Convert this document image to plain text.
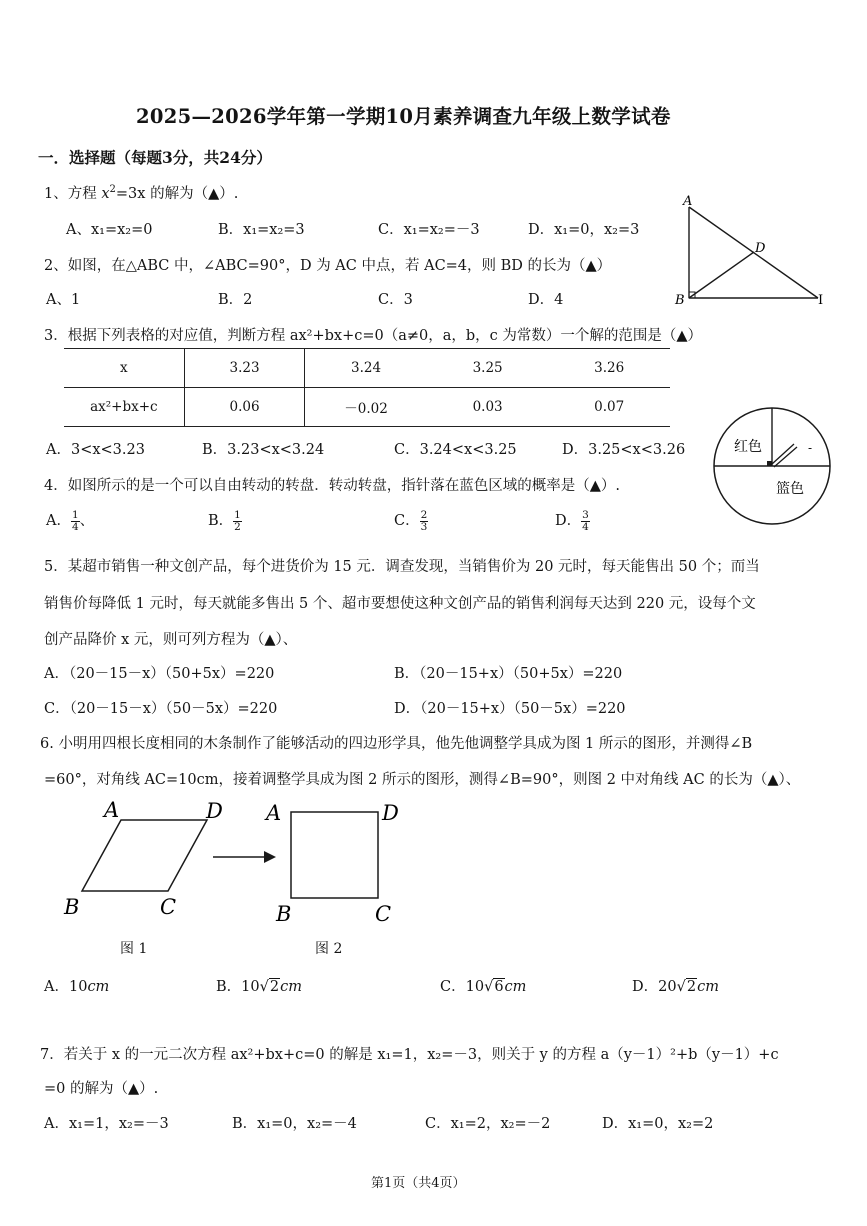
2025—2026学年第一学期10月素养调查九年级上数学试卷
一．选择题（每题3分，共24分）
1、方程 $x^2=3x$ 的解为（▲）.
A、x₁=x₂=0	B．x₁=x₂=3	C．x₁=x₂=－3	D．x₁=0，x₂=3
A
D
B	I
2、如图，在△ABC 中，∠ABC=90°，D 为 AC 中点，若 AC=4，则 BD 的长为（▲）
A、1	B．2	C．3	D．4
3．根据下列表格的对应值，判断方程 ax²+bx+c=0（a≠0，a，b，c 为常数）一个解的范围是（▲）
x	3.23	3.24	3.25	3.26
ax²+bx+c	0.06	－0.02	0.03	0.07
A．3<x<3.23	B．3.23<x<3.24	C．3.24<x<3.25	D．3.25<x<3.26	红色
篮色
-
4．如图所示的是一个可以自由转动的转盘．转动转盘，指针落在蓝色区域的概率是（▲）.
A． $\frac{1}{4}$ 、	B． $\frac{1}{2}$	C． $\frac{2}{3}$	D． $\frac{3}{4}$
5．某超市销售一种文创产品，每个进货价为 15 元．调查发现，当销售价为 20 元时，每天能售出 50 个；而当
销售价每降低 1 元时，每天就能多售出 5 个、超市要想使这种文创产品的销售利润每天达到 220 元，设每个文
创产品降价 x 元，则可列方程为（▲）、
A．（20－15－x）（50+5x）=220	B．（20－15+x）（50+5x）=220
C．（20－15－x）（50－5x）=220	D．（20－15+x）（50－5x）=220
6. 小明用四根长度相同的木条制作了能够活动的四边形学具，他先他调整学具成为图 1 所示的图形，并测得∠B
=60°，对角线 AC=10cm，接着调整学具成为图 2 所示的图形，测得∠B=90°，则图 2 中对角线 AC 的长为（▲）、
A	D
B	C
A	D
B	C
图 1	图 2
A．10cm	B．10√2cm	C．10√6cm	D．20√2cm
7．若关于 x 的一元二次方程 ax²+bx+c=0 的解是 x₁=1，x₂=－3，则关于 y 的方程 a（y－1）²+b（y－1）+c
=0 的解为（▲）.
A．x₁=1，x₂=－3	B．x₁=0，x₂=－4	C．x₁=2，x₂=－2	D．x₁=0，x₂=2
第1页（共4页）
